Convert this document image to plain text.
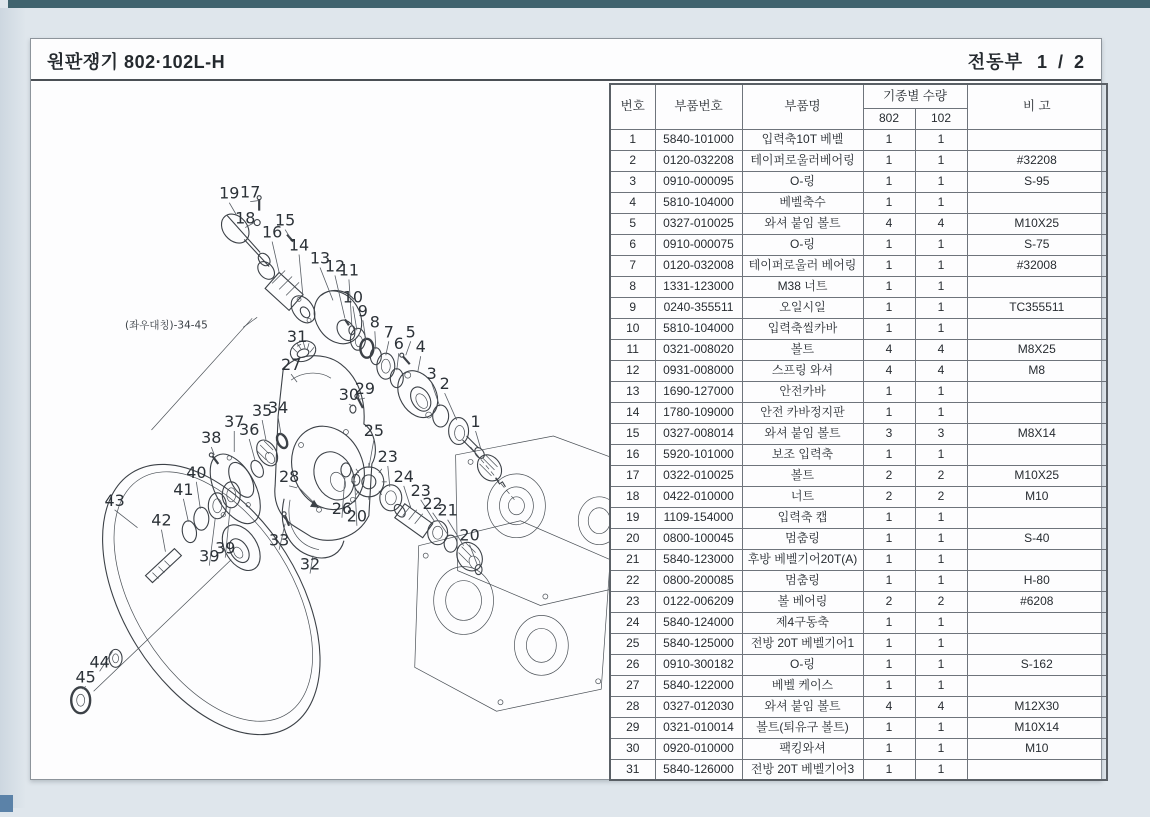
원판쟁기 802·102L-H	전동부 1 / 2
(좌우대칭)-34-45
19 17
18
16
15
14
13
12
11
10
9
8
7
6
5
4
3
2
1
31
27
30
29
25
23
24
23
22
21
20
26
20
28
33
32
34
35
36
37
38
40
41
39
39
42
43
44
45
번호	부품번호	부품명	기종별 수량		비 고
			802	102	
1	5840-101000	입력축10T 베벨	1	1	
2	0120-032208	테이퍼로울러베어링	1	1	#32208
3	0910-000095	O-링	1	1	S-95
4	5810-104000	베벨축수	1	1	
5	0327-010025	와셔 붙임 볼트	4	4	M10X25
6	0910-000075	O-링	1	1	S-75
7	0120-032008	테이퍼로울러 베어링	1	1	#32008
8	1331-123000	M38 너트	1	1	
9	0240-355511	오일시일	1	1	TC355511
10	5810-104000	입력축씰카바	1	1	
11	0321-008020	볼트	4	4	M8X25
12	0931-008000	스프링 와셔	4	4	M8
13	1690-127000	안전카바	1	1	
14	1780-109000	안전 카바정지판	1	1	
15	0327-008014	와셔 붙임 볼트	3	3	M8X14
16	5920-101000	보조 입력축	1	1	
17	0322-010025	볼트	2	2	M10X25
18	0422-010000	너트	2	2	M10
19	1109-154000	입력축 캡	1	1	
20	0800-100045	멈춤링	1	1	S-40
21	5840-123000	후방 베벨기어20T(A)	1	1	
22	0800-200085	멈춤링	1	1	H-80
23	0122-006209	볼 베어링	2	2	#6208
24	5840-124000	제4구동축	1	1	
25	5840-125000	전방 20T 베벨기어1	1	1	
26	0910-300182	O-링	1	1	S-162
27	5840-122000	베벨 케이스	1	1	
28	0327-012030	와셔 붙임 볼트	4	4	M12X30
29	0321-010014	볼트(퇴유구 볼트)	1	1	M10X14
30	0920-010000	팩킹와셔	1	1	M10
31	5840-126000	전방 20T 베벨기어3	1	1	
